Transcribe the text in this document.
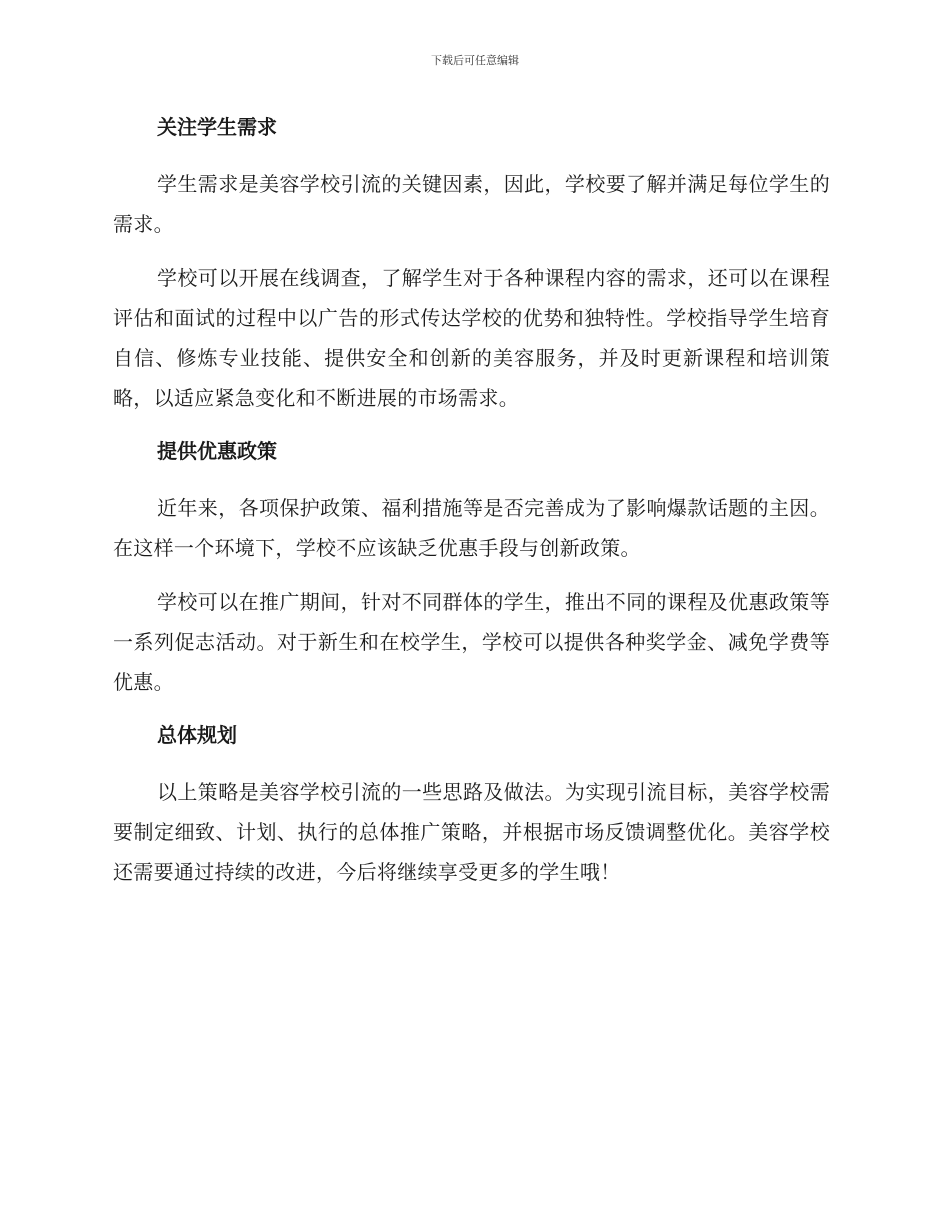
下载后可任意编辑
关注学生需求

学生需求是美容学校引流的关键因素，因此，学校要了解并满足每位学生的需求。

学校可以开展在线调查，了解学生对于各种课程内容的需求，还可以在课程评估和面试的过程中以广告的形式传达学校的优势和独特性。学校指导学生培育自信、修炼专业技能、提供安全和创新的美容服务，并及时更新课程和培训策略，以适应紧急变化和不断进展的市场需求。

提供优惠政策

近年来，各项保护政策、福利措施等是否完善成为了影响爆款话题的主因。在这样一个环境下，学校不应该缺乏优惠手段与创新政策。

学校可以在推广期间，针对不同群体的学生，推出不同的课程及优惠政策等一系列促志活动。对于新生和在校学生，学校可以提供各种奖学金、减免学费等优惠。

总体规划

以上策略是美容学校引流的一些思路及做法。为实现引流目标，美容学校需要制定细致、计划、执行的总体推广策略，并根据市场反馈调整优化。美容学校还需要通过持续的改进，今后将继续享受更多的学生哦！
